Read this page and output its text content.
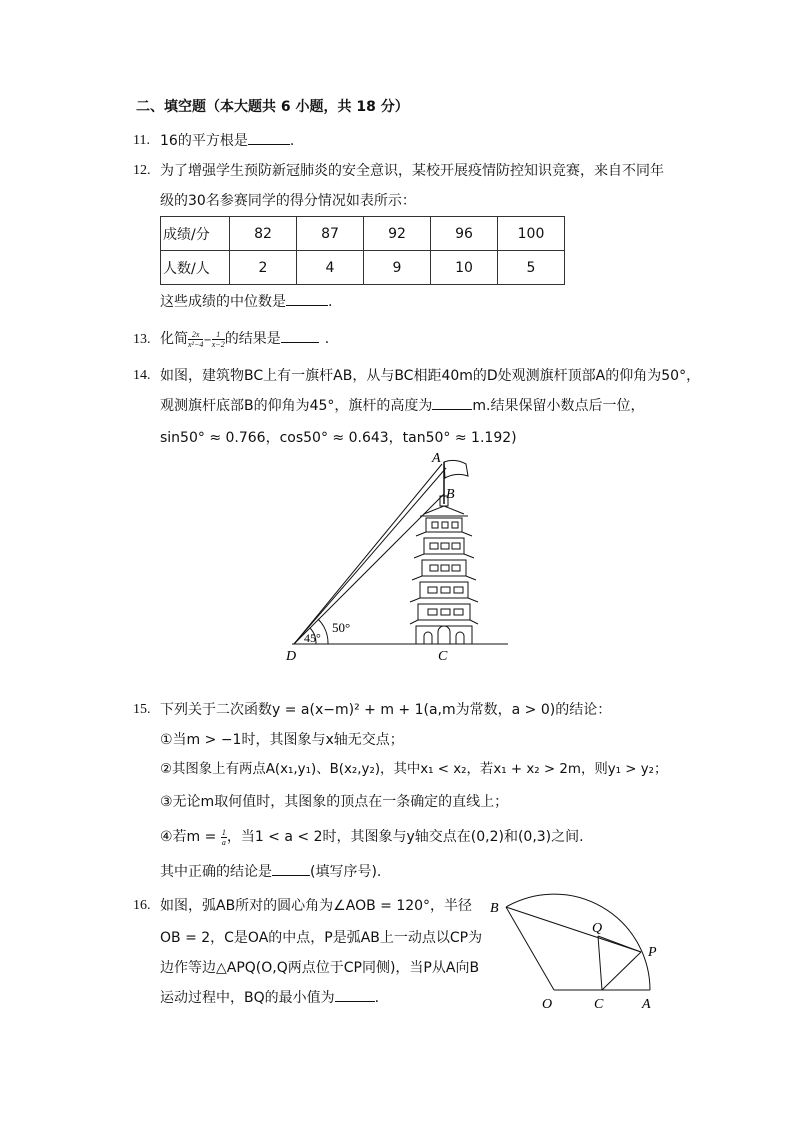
二、填空题（本大题共 6 小题，共 18 分）
11. 16的平方根是	.
12. 为了增强学生预防新冠肺炎的安全意识，某校开展疫情防控知识竞赛，来自不同年
级的30名参赛同学的得分情况如表所示：
成绩/分	82	87	92	96	100
人数/人	2	4	9	10	5
这些成绩的中位数是	.
13. 化简 $\frac{2x}{\text{x²−4}} - \frac{1}{x-2}$ 的结果是	.
14. 如图，建筑物BC上有一旗杆AB，从与BC相距40m的D处观测旗杆顶部A的仰角为50°，
观测旗杆底部B的仰角为45°，旗杆的高度为	m.结果保留小数点后一位，
sin50° ≈ 0.766，cos50° ≈ 0.643，tan50° ≈ 1.192)
A
B
C
D
50°
45°
15. 下列关于二次函数y = a(x−m)² + m + 1(a,m为常数，a > 0)的结论：
①当m > −1时，其图象与x轴无交点；
②其图象上有两点A(x₁,y₁)、B(x₂,y₂)，其中x₁ < x₂，若x₁ + x₂ > 2m，则y₁ > y₂；
③无论m取何值时，其图象的顶点在一条确定的直线上；
④若$m = \frac{1}{a}$ ，当1 < a < 2时，其图象与y轴交点在(0,2)和(0,3)之间.
其中正确的结论是	(填写序号).
16. 如图，弧AB所对的圆心角为∠AOB = 120°，半径
OB = 2，C是OA的中点，P是弧AB上一动点以CP为
边作等边△APQ(O,Q两点位于CP同侧)，当P从A向B
运动过程中，BQ的最小值为	.
B
Q
P
O	C	A
